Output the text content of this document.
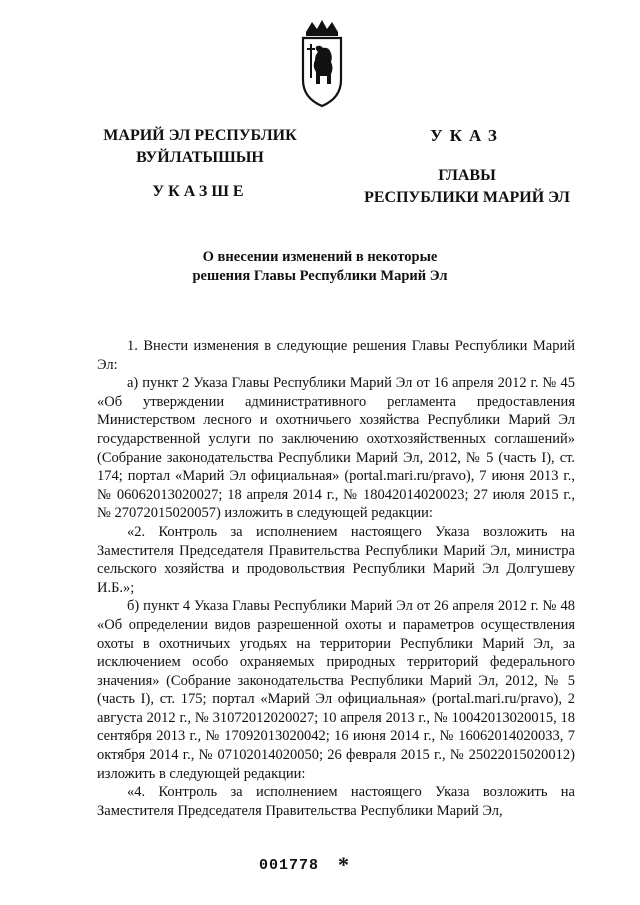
МАРИЙ ЭЛ РЕСПУБЛИК
ВУЙЛАТЫШЫН
УКАЗШЕ
УКАЗ
ГЛАВЫ
РЕСПУБЛИКИ МАРИЙ ЭЛ
О внесении изменений в некоторые
решения Главы Республики Марий Эл

1. Внести изменения в следующие решения Главы Республики Марий Эл:

а) пункт 2 Указа Главы Республики Марий Эл от 16 апреля 2012 г. № 45 «Об утверждении административного регламента предоставления Министерством лесного и охотничьего хозяйства Республики Марий Эл государственной услуги по заключению охотхозяйственных соглашений» (Собрание законодательства Республики Марий Эл, 2012, № 5 (часть I), ст. 174; портал «Марий Эл официальная» (portal.mari.ru/pravo), 7 июня 2013 г., № 06062013020027; 18 апреля 2014 г., № 18042014020023; 27 июля 2015 г., № 27072015020057) изложить в следующей редакции:

«2. Контроль за исполнением настоящего Указа возложить на Заместителя Председателя Правительства Республики Марий Эл, министра сельского хозяйства и продовольствия Республики Марий Эл Долгушеву И.Б.»;

б) пункт 4 Указа Главы Республики Марий Эл от 26 апреля 2012 г. № 48 «Об определении видов разрешенной охоты и параметров осуществления охоты в охотничьих угодьях на территории Республики Марий Эл, за исключением особо охраняемых природных территорий федерального значения» (Собрание законодательства Республики Марий Эл, 2012, № 5 (часть I), ст. 175; портал «Марий Эл официальная» (portal.mari.ru/pravo), 2 августа 2012 г., № 31072012020027; 10 апреля 2013 г., № 10042013020015, 18 сентября 2013 г., № 17092013020042; 16 июня 2014 г., № 16062014020033, 7 октября 2014 г., № 07102014020050; 26 февраля 2015 г., № 25022015020012) изложить в следующей редакции:

«4. Контроль за исполнением настоящего Указа возложить на Заместителя Председателя Правительства Республики Марий Эл,

001778 *
